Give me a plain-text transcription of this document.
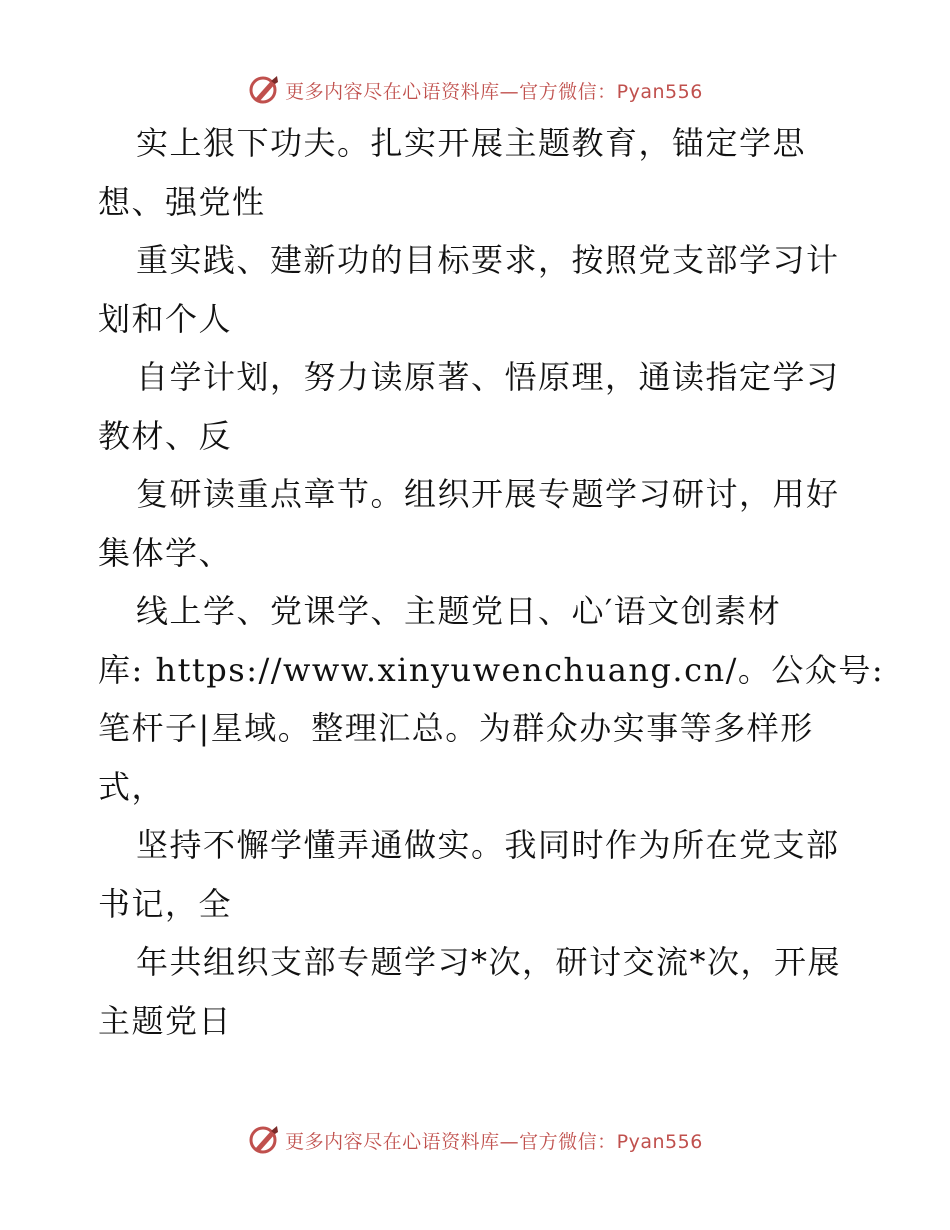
更多内容尽在心语资料库—官方微信：Pyan556
实上狠下功夫。扎实开展主题教育，锚定学思
想、强党性
重实践、建新功的目标要求，按照党支部学习计
划和个人
自学计划，努力读原著、悟原理，通读指定学习
教材、反
复研读重点章节。组织开展专题学习研讨，用好
集体学、
线上学、党课学、主题党日、心′语文创素材
库: https://www.xinyuwenchuang.cn/。公众号:
笔杆子|星域。整理汇总。为群众办实事等多样形
式，
坚持不懈学懂弄通做实。我同时作为所在党支部
书记，全
年共组织支部专题学习*次，研讨交流*次，开展
主题党日
更多内容尽在心语资料库—官方微信：Pyan556
